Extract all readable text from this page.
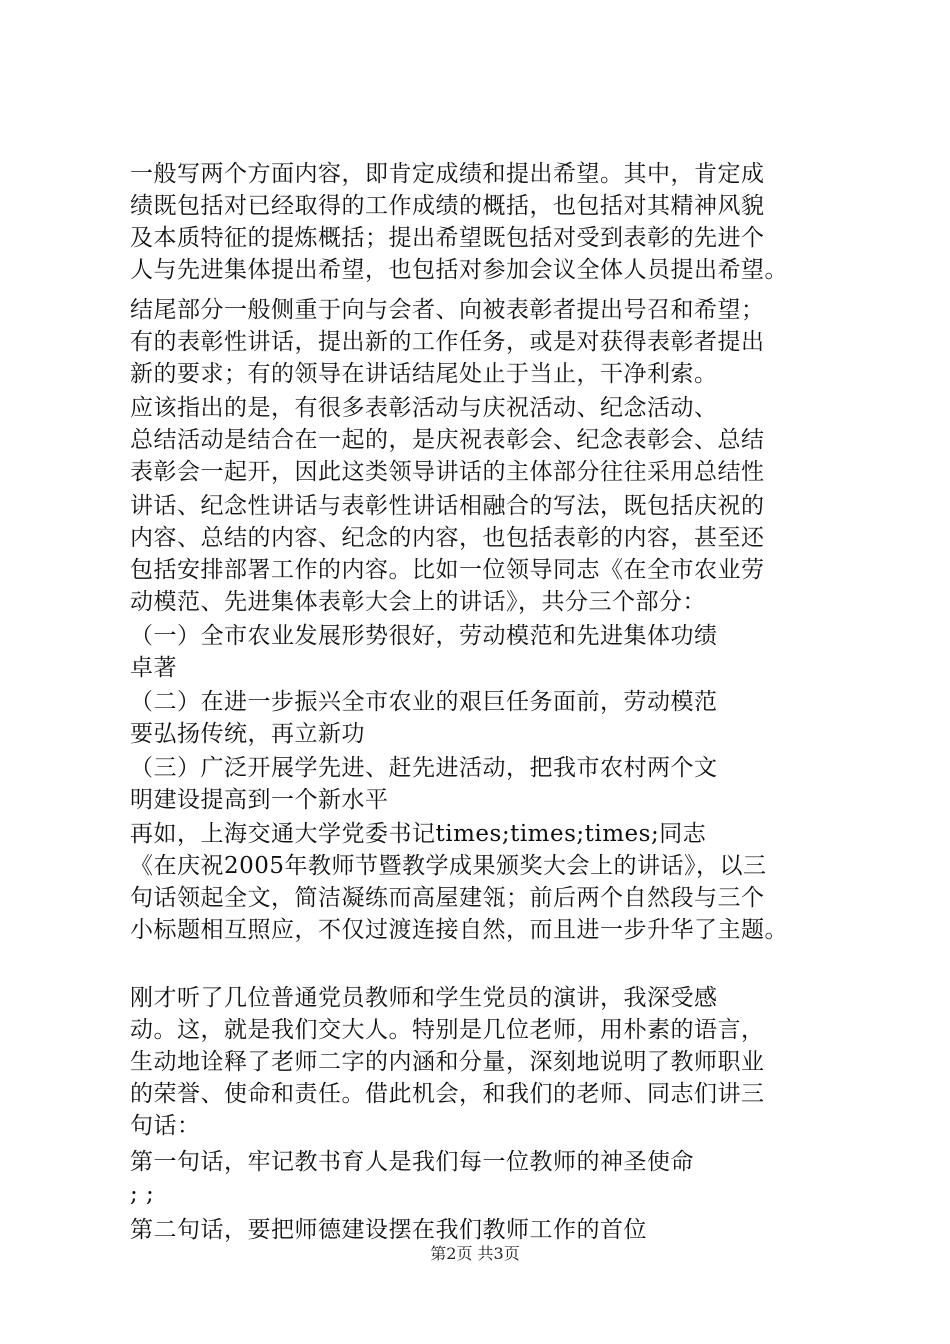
一般写两个方面内容，即肯定成绩和提出希望。其中，肯定成
绩既包括对已经取得的工作成绩的概括，也包括对其精神风貌
及本质特征的提炼概括；提出希望既包括对受到表彰的先进个
人与先进集体提出希望，也包括对参加会议全体人员提出希望。
结尾部分一般侧重于向与会者、向被表彰者提出号召和希望；
有的表彰性讲话，提出新的工作任务，或是对获得表彰者提出
新的要求；有的领导在讲话结尾处止于当止，干净利索。
应该指出的是，有很多表彰活动与庆祝活动、纪念活动、
总结活动是结合在一起的，是庆祝表彰会、纪念表彰会、总结
表彰会一起开，因此这类领导讲话的主体部分往往采用总结性
讲话、纪念性讲话与表彰性讲话相融合的写法，既包括庆祝的
内容、总结的内容、纪念的内容，也包括表彰的内容，甚至还
包括安排部署工作的内容。比如一位领导同志《在全市农业劳
动模范、先进集体表彰大会上的讲话》，共分三个部分：
（一）全市农业发展形势很好，劳动模范和先进集体功绩
卓著
（二）在进一步振兴全市农业的艰巨任务面前，劳动模范
要弘扬传统，再立新功
（三）广泛开展学先进、赶先进活动，把我市农村两个文
明建设提高到一个新水平
再如，上海交通大学党委书记times;times;times;同志
《在庆祝2005年教师节暨教学成果颁奖大会上的讲话》，以三
句话领起全文，简洁凝练而高屋建瓴；前后两个自然段与三个
小标题相互照应，不仅过渡连接自然，而且进一步升华了主题。
刚才听了几位普通党员教师和学生党员的演讲，我深受感
动。这，就是我们交大人。特别是几位老师，用朴素的语言，
生动地诠释了老师二字的内涵和分量，深刻地说明了教师职业
的荣誉、使命和责任。借此机会，和我们的老师、同志们讲三
句话：
第一句话，牢记教书育人是我们每一位教师的神圣使命
; ;
第二句话，要把师德建设摆在我们教师工作的首位
第2页 共3页
